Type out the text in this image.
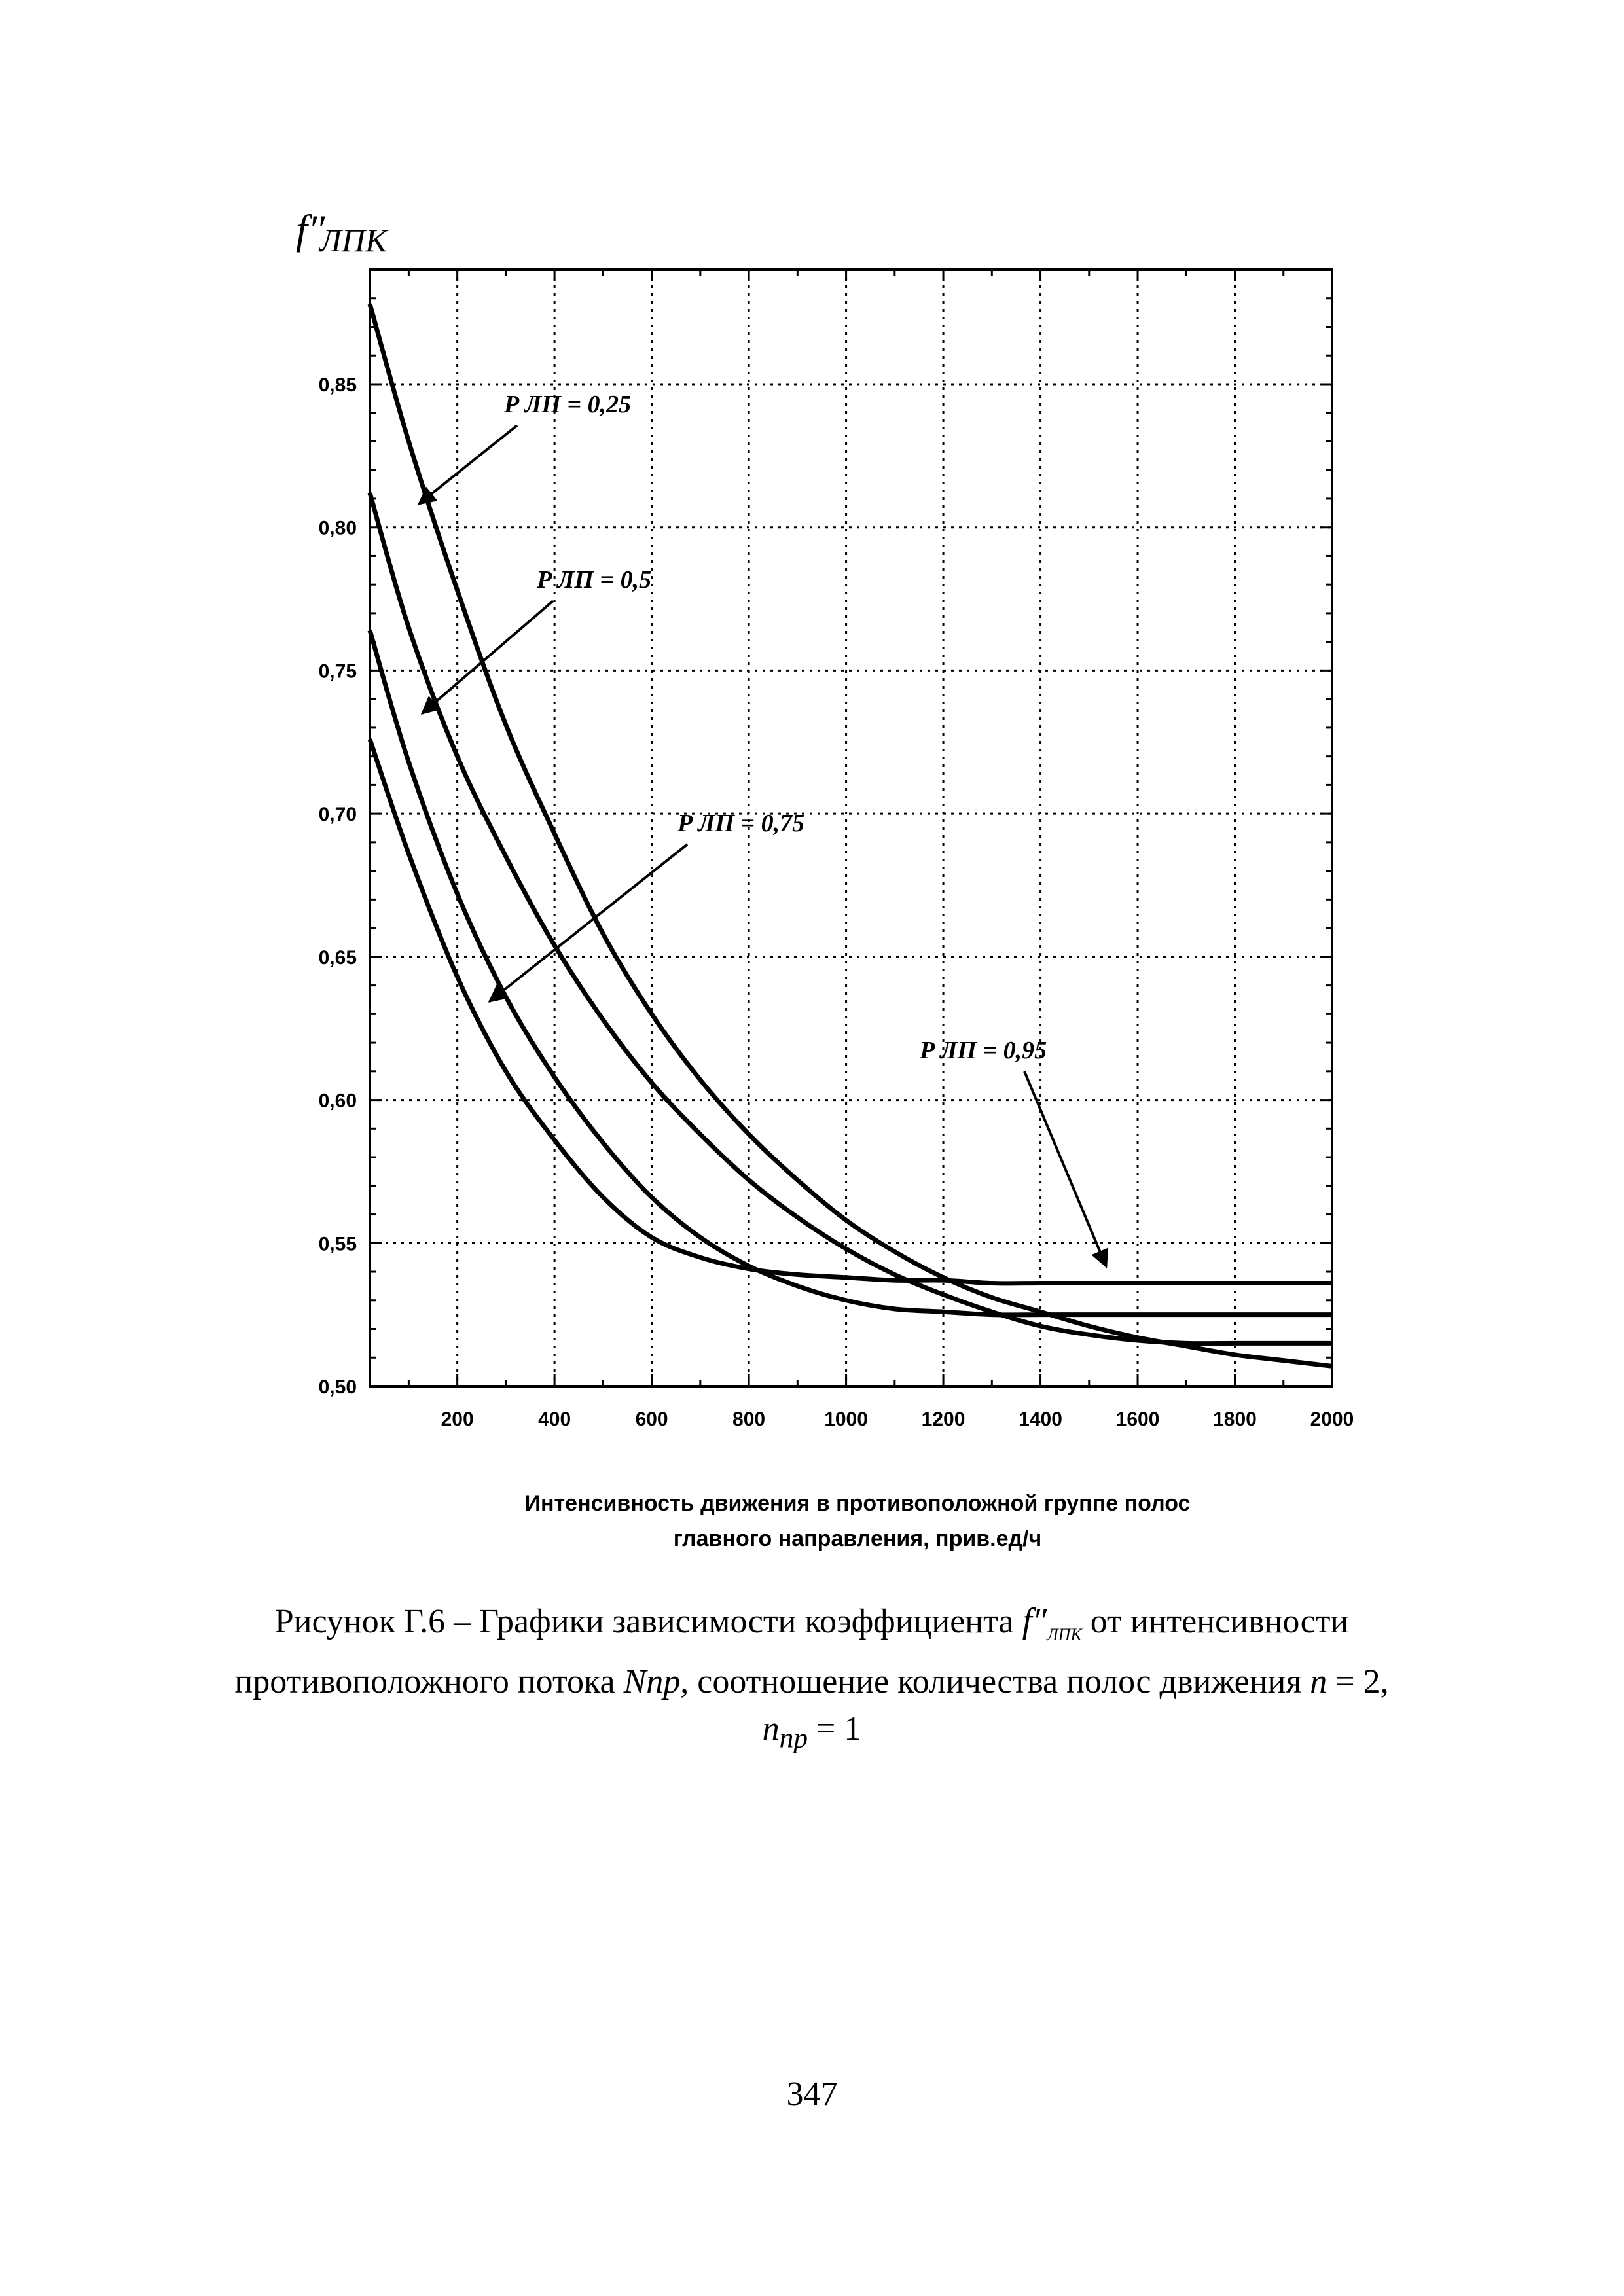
200	400	600	800	1000	1200	1400	1600	1800	2000
0,50
0,55
0,60
0,65
0,70
0,75
0,80
0,85
P ЛП = 0,25
P ЛП = 0,5
P ЛП = 0,75
P ЛП = 0,95
f″
ЛПК
Интенсивность движения в противоположной группе полос
главного направления, прив.ед/ч
Рисунок Г.6 – Графики зависимости коэффициента $f''_{ЛПК}$ от интенсивности
противоположного потока Nпр, соотношение количества полос движения n = 2,
$n_{пр} = 1$
347
